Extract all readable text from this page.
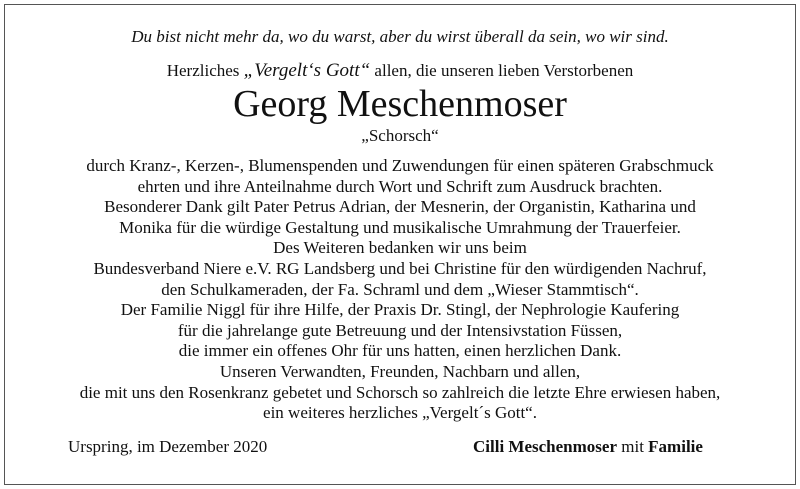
Du bist nicht mehr da, wo du warst, aber du wirst überall da sein, wo wir sind.
Herzliches „Vergelt‘s Gott“ allen, die unseren lieben Verstorbenen
Georg Meschenmoser
„Schorsch“
durch Kranz-, Kerzen-, Blumenspenden und Zuwendungen für einen späteren Grabschmuck
ehrten und ihre Anteilnahme durch Wort und Schrift zum Ausdruck brachten.
Besonderer Dank gilt Pater Petrus Adrian, der Mesnerin, der Organistin, Katharina und
Monika für die würdige Gestaltung und musikalische Umrahmung der Trauerfeier.
Des Weiteren bedanken wir uns beim
Bundesverband Niere e.V. RG Landsberg und bei Christine für den würdigenden Nachruf,
den Schulkameraden, der Fa. Schraml und dem „Wieser Stammtisch“.
Der Familie Niggl für ihre Hilfe, der Praxis Dr. Stingl, der Nephrologie Kaufering
für die jahrelange gute Betreuung und der Intensivstation Füssen,
die immer ein offenes Ohr für uns hatten, einen herzlichen Dank.
Unseren Verwandten, Freunden, Nachbarn und allen,
die mit uns den Rosenkranz gebetet und Schorsch so zahlreich die letzte Ehre erwiesen haben,
ein weiteres herzliches „Vergelt´s Gott“.
Urspring, im Dezember 2020	Cilli Meschenmoser mit Familie
